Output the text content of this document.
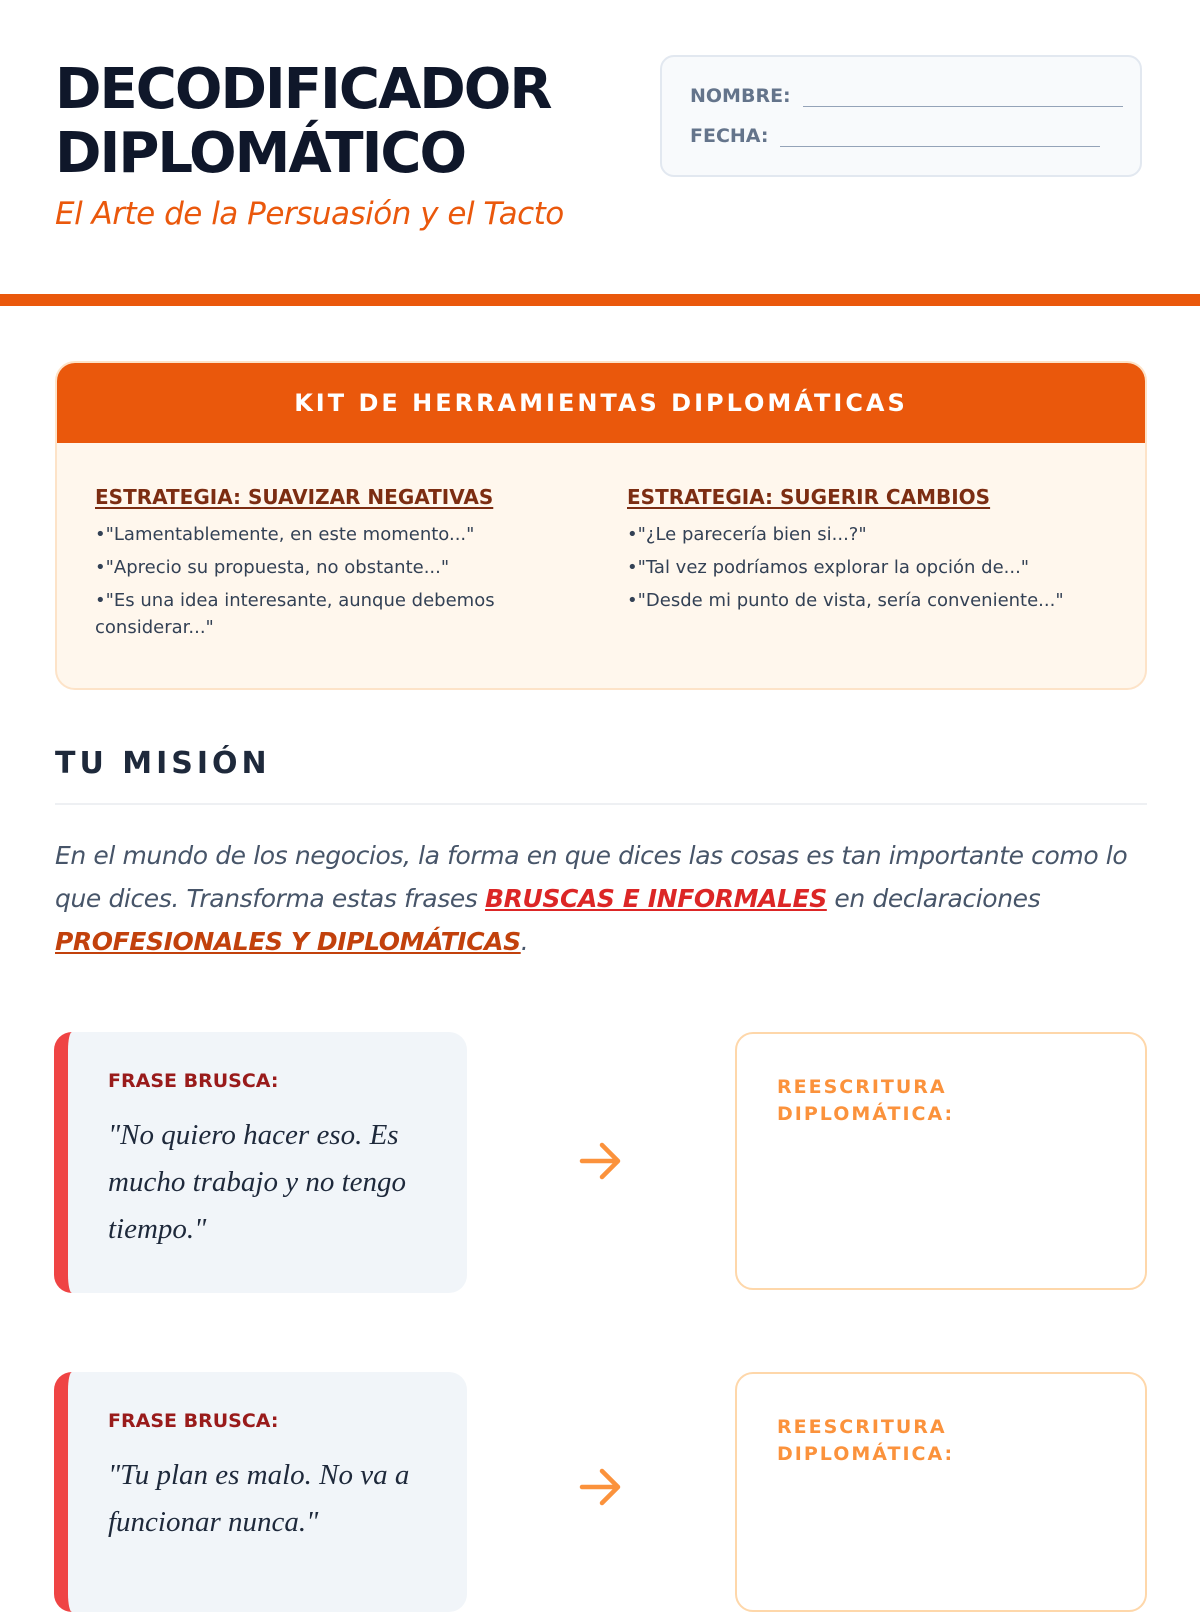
DECODIFICADOR
DIPLOMÁTICO

El Arte de la Persuasión y el Tacto

NOMBRE:
FECHA:
KIT DE HERRAMIENTAS DIPLOMÁTICAS
ESTRATEGIA: SUAVIZAR NEGATIVAS
• "Lamentablemente, en este momento..."
• "Aprecio su propuesta, no obstante..."
• "Es una idea interesante, aunque debemos considerar..."
ESTRATEGIA: SUGERIR CAMBIOS
• "¿Le parecería bien si...?"
• "Tal vez podríamos explorar la opción de..."
• "Desde mi punto de vista, sería conveniente..."
TU MISIÓN

En el mundo de los negocios, la forma en que dices las cosas es tan importante como lo que dices. Transforma estas frases BRUSCAS E INFORMALES en declaraciones PROFESIONALES Y DIPLOMÁTICAS.

FRASE BRUSCA:

"No quiero hacer eso. Es mucho trabajo y no tengo tiempo."

REESCRITURA DIPLOMÁTICA:
FRASE BRUSCA:

"Tu plan es malo. No va a funcionar nunca."

REESCRITURA DIPLOMÁTICA:
